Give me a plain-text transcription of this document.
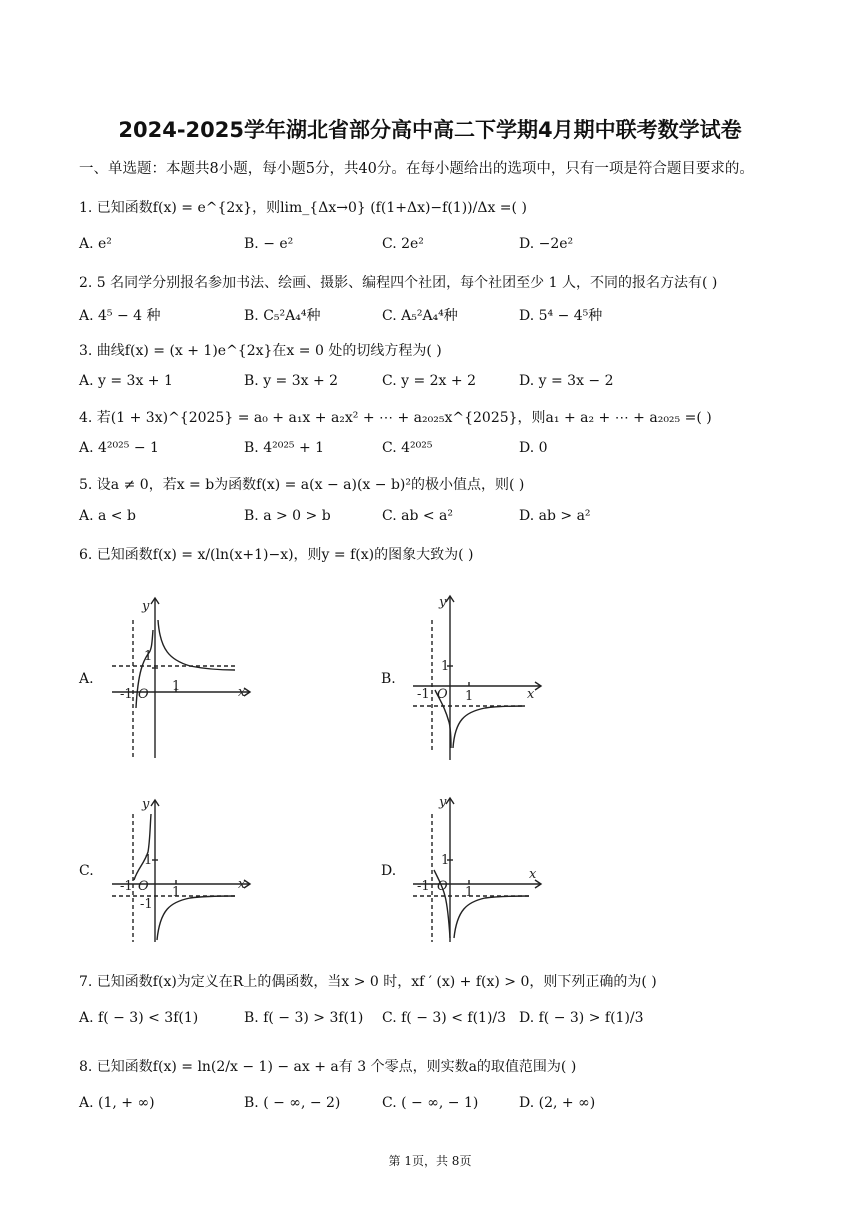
2024-2025学年湖北省部分高中高二下学期4月期中联考数学试卷
一、单选题：本题共8小题，每小题5分，共40分。在每小题给出的选项中，只有一项是符合题目要求的。
1. 已知函数f(x) = e^{2x}，则lim_{Δx→0} (f(1+Δx)−f(1))/Δx =( )
A. e²	B. − e²	C. 2e²	D. −2e²
2. 5 名同学分别报名参加书法、绘画、摄影、编程四个社团，每个社团至少 1 人，不同的报名方法有( )
A. 4⁵ − 4 种	B. C₅²A₄⁴种	C. A₅²A₄⁴种	D. 5⁴ − 4⁵种
3. 曲线f(x) = (x + 1)e^{2x}在x = 0 处的切线方程为( )
A. y = 3x + 1	B. y = 3x + 2	C. y = 2x + 2	D. y = 3x − 2
4. 若(1 + 3x)^{2025} = a₀ + a₁x + a₂x² + ⋯ + a₂₀₂₅x^{2025}，则a₁ + a₂ + ⋯ + a₂₀₂₅ =( )
A. 4²⁰²⁵ − 1	B. 4²⁰²⁵ + 1	C. 4²⁰²⁵	D. 0
5. 设a ≠ 0，若x = b为函数f(x) = a(x − a)(x − b)²的极小值点，则( )
A. a < b	B. a > 0 > b	C. ab < a²	D. ab > a²
6. 已知函数f(x) = x/(ln(x+1)−x)，则y = f(x)的图象大致为( )
A.	B.
C.	D.
y
x
1
1
O
-1
y
x
1
1
O
-1
y
x
1
1
O
-1
-1
y
x
1
1
O
-1
7. 已知函数f(x)为定义在R上的偶函数，当x > 0 时，xf ′ (x) + f(x) > 0，则下列正确的为( )
A. f( − 3) < 3f(1)	B. f( − 3) > 3f(1) C. f( − 3) < f(1)/3 D. f( − 3) > f(1)/3
8. 已知函数f(x) = ln(2/x − 1) − ax + a有 3 个零点，则实数a的取值范围为( )
A. (1, + ∞)	B. ( − ∞, − 2)	C. ( − ∞, − 1)	D. (2, + ∞)
第 1页，共 8页
